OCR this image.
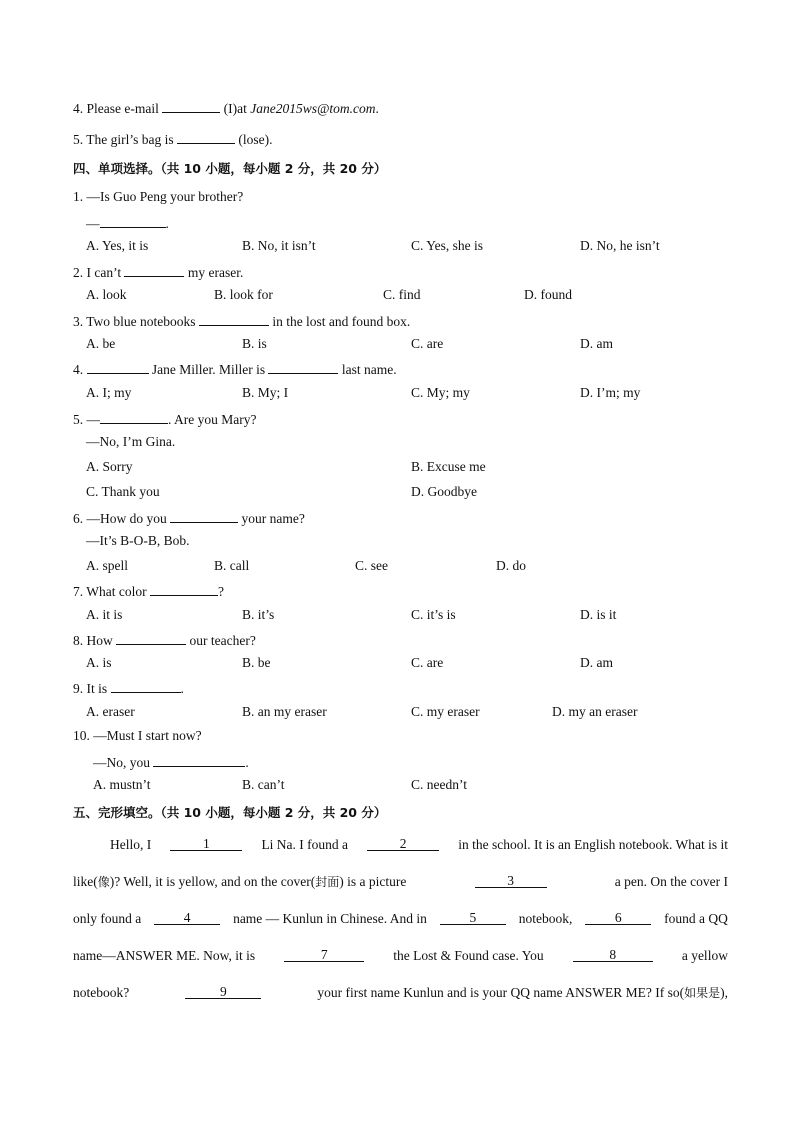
4. Please e-mail	(I)at Jane2015ws@tom.com.
5. The girl’s bag is	(lose).
四、单项选择。（共 10 小题，每小题 2 分，共 20 分）
1. —Is Guo Peng your brother?
—	.
A. Yes, it is	B. No, it isn’t	C. Yes, she is	D. No, he isn’t
2. I can’t	my eraser.
A. look	B. look for	C. find	D. found
3. Two blue notebooks	in the lost and found box.
A. be	B. is	C. are	D. am
4.	Jane Miller. Miller is	last name.
A. I; my	B. My; I	C. My; my	D. I’m; my
5. —	. Are you Mary?
—No, I’m Gina.
A. Sorry	B. Excuse me
C. Thank you	D. Goodbye
6. —How do you	your name?
—It’s B-O-B, Bob.
A. spell	B. call	C. see	D. do
7. What color	?
A. it is	B. it’s	C. it’s is	D. is it
8. How	our teacher?
A. is	B. be	C. are	D. am
9. It is	.
A. eraser	B. an my eraser	C. my eraser	D. my an eraser
10. —Must I start now?
—No, you	.
A. mustn’t	B. can’t	C. needn’t
五、完形填空。（共 10 小题，每小题 2 分，共 20 分）
Hello, I	1	Li Na. I found a	2	in the school. It is an English notebook. What is it
like(像)? Well, it is yellow, and on the cover(封面) is a picture	3	a pen. On the cover I
only found a	4	name — Kunlun in Chinese. And in	5	notebook,	6	found a QQ
name—ANSWER ME. Now, it is	7	the Lost & Found case. You	8	a yellow
notebook?	9	your first name Kunlun and is your QQ name ANSWER ME? If so(如果是),
